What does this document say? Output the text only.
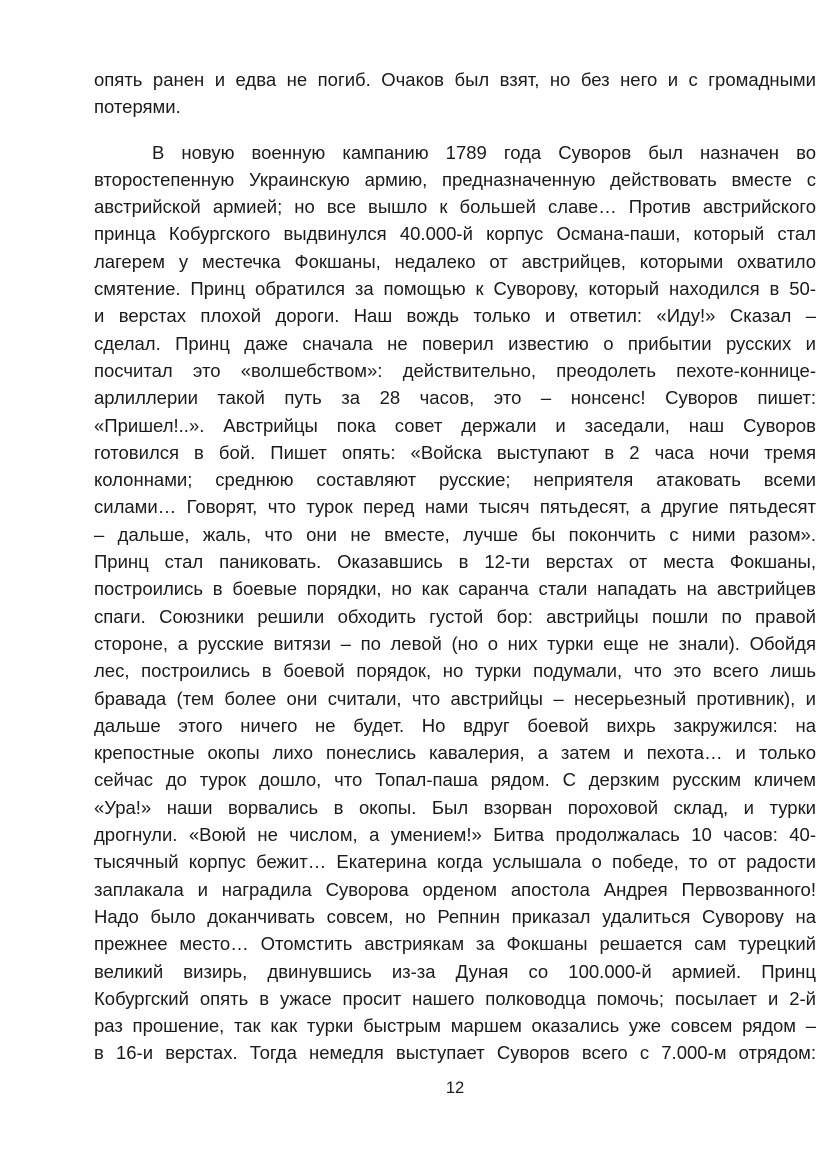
опять ранен и едва не погиб. Очаков был взят, но без него и с громадными
потерями.
В новую военную кампанию 1789 года Суворов был назначен во
второстепенную Украинскую армию, предназначенную действовать вместе с
австрийской армией; но все вышло к большей славе… Против австрийского
принца Кобургского выдвинулся 40.000-й корпус Османа-паши, который стал
лагерем у местечка Фокшаны, недалеко от австрийцев, которыми охватило
смятение. Принц обратился за помощью к Суворову, который находился в 50-
и верстах плохой дороги. Наш вождь только и ответил: «Иду!» Сказал –
сделал. Принц даже сначала не поверил известию о прибытии русских и
посчитал это «волшебством»: действительно, преодолеть пехоте-коннице-
арлиллерии такой путь за 28 часов, это – нонсенс! Суворов пишет:
«Пришел!..». Австрийцы пока совет держали и заседали, наш Суворов
готовился в бой. Пишет опять: «Войска выступают в 2 часа ночи тремя
колоннами; среднюю составляют русские; неприятеля атаковать всеми
силами… Говорят, что турок перед нами тысяч пятьдесят, а другие пятьдесят
– дальше, жаль, что они не вместе, лучше бы покончить с ними разом».
Принц стал паниковать. Оказавшись в 12-ти верстах от места Фокшаны,
построились в боевые порядки, но как саранча стали нападать на австрийцев
спаги. Союзники решили обходить густой бор: австрийцы пошли по правой
стороне, а русские витязи – по левой (но о них турки еще не знали). Обойдя
лес, построились в боевой порядок, но турки подумали, что это всего лишь
бравада (тем более они считали, что австрийцы – несерьезный противник), и
дальше этого ничего не будет. Но вдруг боевой вихрь закружился: на
крепостные окопы лихо понеслись кавалерия, а затем и пехота… и только
сейчас до турок дошло, что Топал-паша рядом. С дерзким русским кличем
«Ура!» наши ворвались в окопы. Был взорван пороховой склад, и турки
дрогнули. «Воюй не числом, а умением!» Битва продолжалась 10 часов: 40-
тысячный корпус бежит… Екатерина когда услышала о победе, то от радости
заплакала и наградила Суворова орденом апостола Андрея Первозванного!
Надо было доканчивать совсем, но Репнин приказал удалиться Суворову на
прежнее место… Отомстить австриякам за Фокшаны решается сам турецкий
великий визирь, двинувшись из-за Дуная со 100.000-й армией. Принц
Кобургский опять в ужасе просит нашего полководца помочь; посылает и 2-й
раз прошение, так как турки быстрым маршем оказались уже совсем рядом –
в 16-и верстах. Тогда немедля выступает Суворов всего с 7.000-м отрядом:
12
